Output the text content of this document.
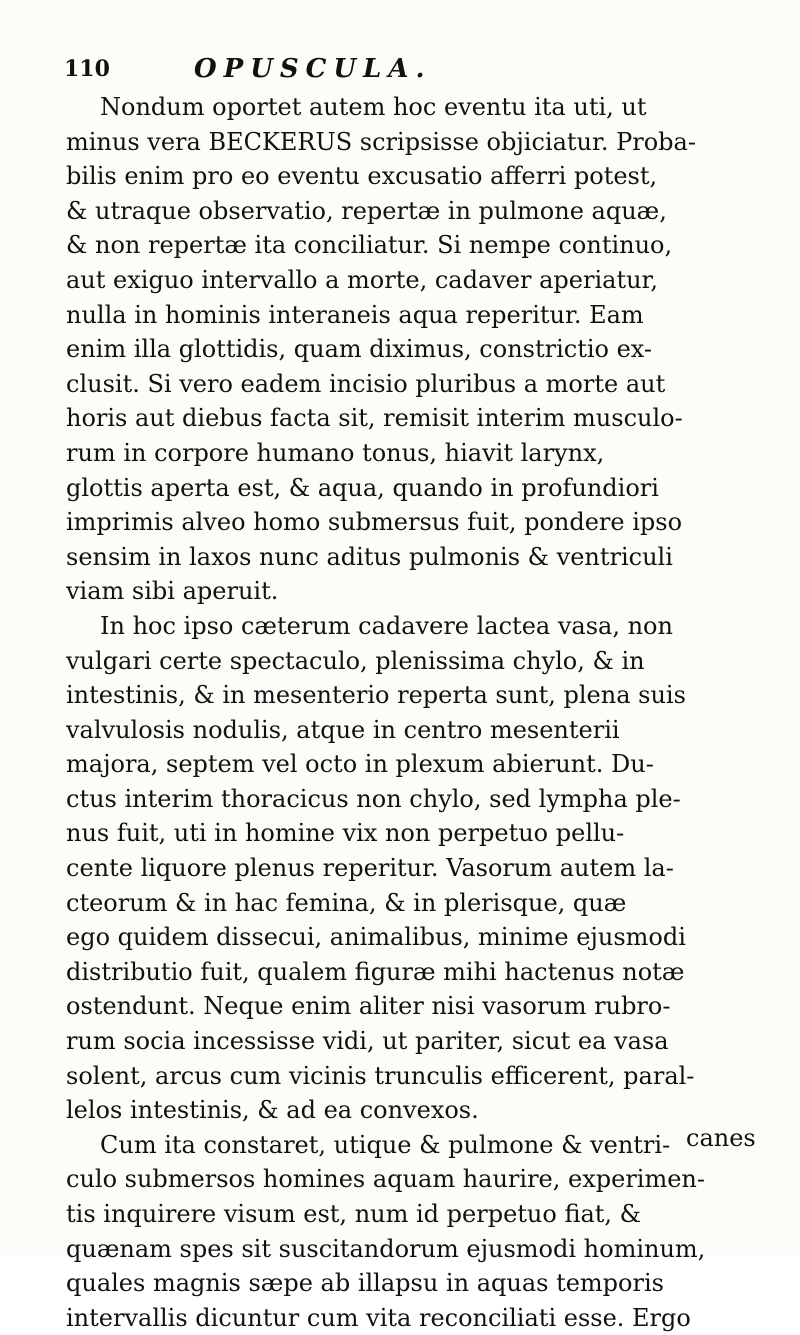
110	OPUSCULA.
Nondum oportet autem hoc eventu ita uti, ut
minus vera BECKERUS scripsisse objiciatur. Proba-
bilis enim pro eo eventu excusatio afferri potest,
& utraque observatio, repertæ in pulmone aquæ,
& non repertæ ita conciliatur. Si nempe continuo,
aut exiguo intervallo a morte, cadaver aperiatur,
nulla in hominis interaneis aqua reperitur. Eam
enim illa glottidis, quam diximus, constrictio ex-
clusit. Si vero eadem incisio pluribus a morte aut
horis aut diebus facta sit, remisit interim musculo-
rum in corpore humano tonus, hiavit larynx,
glottis aperta est, & aqua, quando in profundiori
imprimis alveo homo submersus fuit, pondere ipso
sensim in laxos nunc aditus pulmonis & ventriculi
viam sibi aperuit.
In hoc ipso cæterum cadavere lactea vasa, non
vulgari certe spectaculo, plenissima chylo, & in
intestinis, & in mesenterio reperta sunt, plena suis
valvulosis nodulis, atque in centro mesenterii
majora, septem vel octo in plexum abierunt. Du-
ctus interim thoracicus non chylo, sed lympha ple-
nus fuit, uti in homine vix non perpetuo pellu-
cente liquore plenus reperitur. Vasorum autem la-
cteorum & in hac femina, & in plerisque, quæ
ego quidem dissecui, animalibus, minime ejusmodi
distributio fuit, qualem figuræ mihi hactenus notæ
ostendunt. Neque enim aliter nisi vasorum rubro-
rum socia incessisse vidi, ut pariter, sicut ea vasa
solent, arcus cum vicinis trunculis efficerent, paral-
lelos intestinis, & ad ea convexos.
Cum ita constaret, utique & pulmone & ventri-
culo submersos homines aquam haurire, experimen-
tis inquirere visum est, num id perpetuo fiat, &
quænam spes sit suscitandorum ejusmodi hominum,
quales magnis sæpe ab illapsu in aquas temporis
intervallis dicuntur cum vita reconciliati esse. Ergo
canes
